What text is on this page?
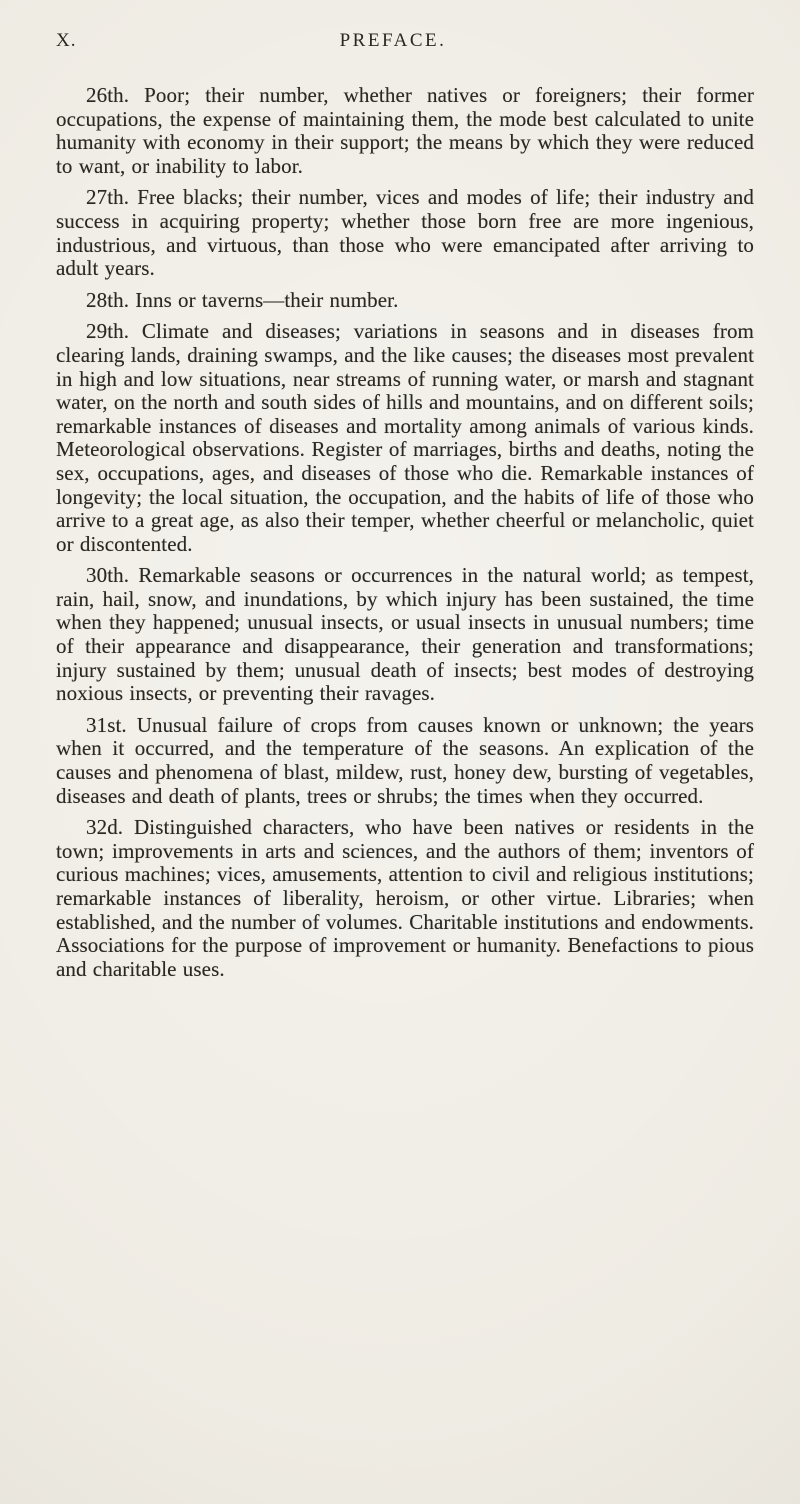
X.	PREFACE.

26th. Poor; their number, whether natives or foreigners; their former occupations, the expense of maintaining them, the mode best calculated to unite humanity with economy in their support; the means by which they were reduced to want, or inability to labor.

27th. Free blacks; their number, vices and modes of life; their industry and success in acquiring property; whether those born free are more ingenious, industrious, and virtuous, than those who were emancipated after arriving to adult years.

28th. Inns or taverns—their number.

29th. Climate and diseases; variations in seasons and in diseases from clearing lands, draining swamps, and the like causes; the diseases most prevalent in high and low situations, near streams of running water, or marsh and stagnant water, on the north and south sides of hills and mountains, and on different soils; remarkable instances of diseases and mortality among animals of various kinds. Meteorological observations. Register of marriages, births and deaths, noting the sex, occupations, ages, and diseases of those who die. Remarkable instances of longevity; the local situation, the occupation, and the habits of life of those who arrive to a great age, as also their temper, whether cheerful or melancholic, quiet or discontented.

30th. Remarkable seasons or occurrences in the natural world; as tempest, rain, hail, snow, and inundations, by which injury has been sustained, the time when they happened; unusual insects, or usual insects in unusual numbers; time of their appearance and disappearance, their generation and transformations; injury sustained by them; unusual death of insects; best modes of destroying noxious insects, or preventing their ravages.

31st. Unusual failure of crops from causes known or unknown; the years when it occurred, and the temperature of the seasons. An explication of the causes and phenomena of blast, mildew, rust, honey dew, bursting of vegetables, diseases and death of plants, trees or shrubs; the times when they occurred.

32d. Distinguished characters, who have been natives or residents in the town; improvements in arts and sciences, and the authors of them; inventors of curious machines; vices, amusements, attention to civil and religious institutions; remarkable instances of liberality, heroism, or other virtue. Libraries; when established, and the number of volumes. Charitable institutions and endowments. Associations for the purpose of improvement or humanity. Benefactions to pious and charitable uses.
